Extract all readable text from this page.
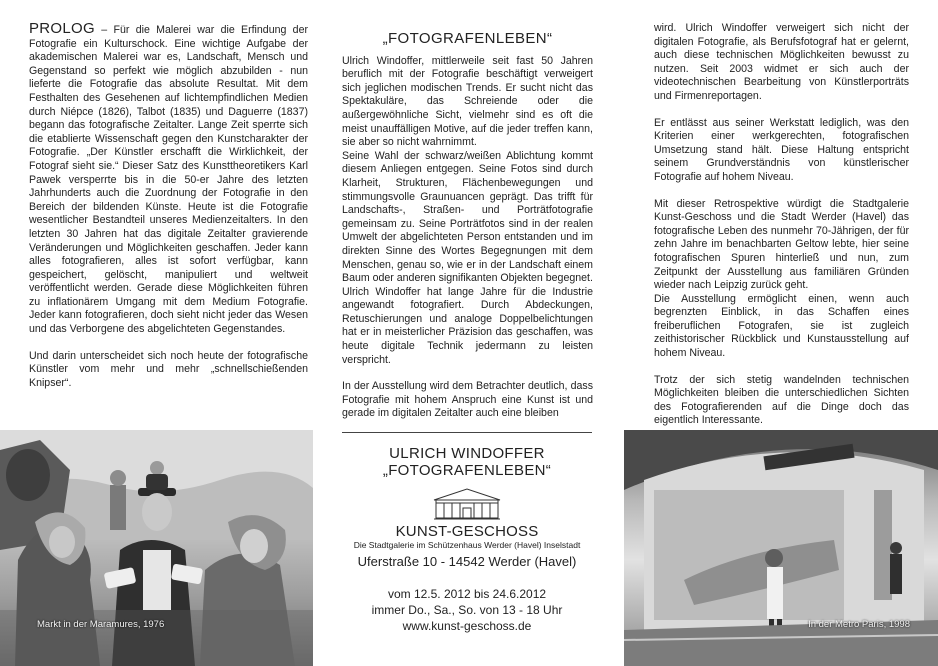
PROLOG – Für die Malerei war die Erfindung der Fotografie ein Kulturschock. Eine wichtige Aufgabe der akademischen Malerei war es, Landschaft, Mensch und Gegenstand so perfekt wie möglich abzubilden - nun lieferte die Fotografie das absolute Resultat. Mit dem Festhalten des Gesehenen auf lichtempfindlichen Medien durch Niépce (1826), Talbot (1835) und Daguerre (1837) begann das fotografische Zeitalter. Lange Zeit sperrte sich die etablierte Wissenschaft gegen den Kunstcharakter der Fotografie. „Der Künstler erschafft die Wirklichkeit, der Fotograf sieht sie.“ Dieser Satz des Kunsttheoretikers Karl Pawek versperrte bis in die 50-er Jahre des letzten Jahrhunderts auch die Zuordnung der Fotografie in den Bereich der bildenden Künste. Heute ist die Fotografie wesentlicher Bestandteil unseres Medienzeitalters. In den letzten 30 Jahren hat das digitale Zeitalter gravierende Veränderungen und Möglichkeiten geschaffen. Jeder kann alles fotografieren, alles ist sofort verfügbar, kann gespeichert, gelöscht, manipuliert und weltweit veröffentlicht werden. Gerade diese Möglichkeiten führen zu inflationärem Umgang mit dem Medium Fotografie. Jeder kann fotografieren, doch sieht nicht jeder das Wesen und das Verborgene des abgelichteten Gegenstandes.

Und darin unterscheidet sich noch heute der fotografische Künstler vom mehr und mehr „schnellschießenden Knipser“.

„FOTOGRAFENLEBEN“

Ulrich Windoffer, mittlerweile seit fast 50 Jahren beruflich mit der Fotografie beschäftigt verweigert sich jeglichen modischen Trends. Er sucht nicht das Spektakuläre, das Schreiende oder die außergewöhnliche Sicht, vielmehr sind es oft die meist unauffälligen Motive, auf die jeder treffen kann, sie aber so nicht wahrnimmt.

Seine Wahl der schwarz/weißen Ablichtung kommt diesem Anliegen entgegen. Seine Fotos sind durch Klarheit, Strukturen, Flächenbewegungen und stimmungsvolle Graunuancen geprägt. Das trifft für Landschafts-, Straßen- und Porträtfotografie gemeinsam zu. Seine Porträtfotos sind in der realen Umwelt der abgelichteten Person entstanden und im direkten Sinne des Wortes Begegnungen mit dem Menschen, genau so, wie er in der Landschaft einem Baum oder anderen signifikanten Objekten begegnet.

Ulrich Windoffer hat lange Jahre für die Industrie angewandt fotografiert. Durch Abdeckungen, Retuschierungen und analoge Doppelbelichtungen hat er in meisterlicher Präzision das geschaffen, was heute digitale Technik jedermann zu leisten verspricht.

In der Ausstellung wird dem Betrachter deutlich, dass Fotografie mit hohem Anspruch eine Kunst ist und gerade im digitalen Zeitalter auch eine bleiben

wird. Ulrich Windoffer verweigert sich nicht der digitalen Fotografie, als Berufsfotograf hat er gelernt, auch diese technischen Möglichkeiten bewusst zu nutzen. Seit 2003 widmet er sich auch der videotechnischen Bearbeitung von Künstlerporträts und Firmenreportagen.

Er entlässt aus seiner Werkstatt lediglich, was den Kriterien einer werkgerechten, fotografischen Umsetzung stand hält. Diese Haltung entspricht seinem Grundverständnis von künstlerischer Fotografie auf hohem Niveau.

Mit dieser Retrospektive würdigt die Stadtgalerie Kunst-Geschoss und die Stadt Werder (Havel) das fotografische Leben des nunmehr 70-Jährigen, der für zehn Jahre im benachbarten Geltow lebte, hier seine fotografischen Spuren hinterließ und nun, zum Zeitpunkt der Ausstellung aus familiären Gründen wieder nach Leipzig zurück geht.

Die Ausstellung ermöglicht einen, wenn auch begrenzten Einblick, in das Schaffen eines freiberuflichen Fotografen, sie ist zugleich zeithistorischer Rückblick und Kunstausstellung auf hohem Niveau.

Trotz der sich stetig wandelnden technischen Möglichkeiten bleiben die unterschiedlichen Sichten des Fotografierenden auf die Dinge doch das eigentlich Interessante.

Markt in der Maramures, 1976	In der Metro Paris, 1998
ULRICH WINDOFFER
„FOTOGRAFENLEBEN“
KUNST-GESCHOSS
Die Stadtgalerie im Schützenhaus Werder (Havel) Inselstadt
Uferstraße 10 - 14542 Werder (Havel)
vom 12.5. 2012 bis 24.6.2012
immer Do., Sa., So. von 13 - 18 Uhr
www.kunst-geschoss.de
